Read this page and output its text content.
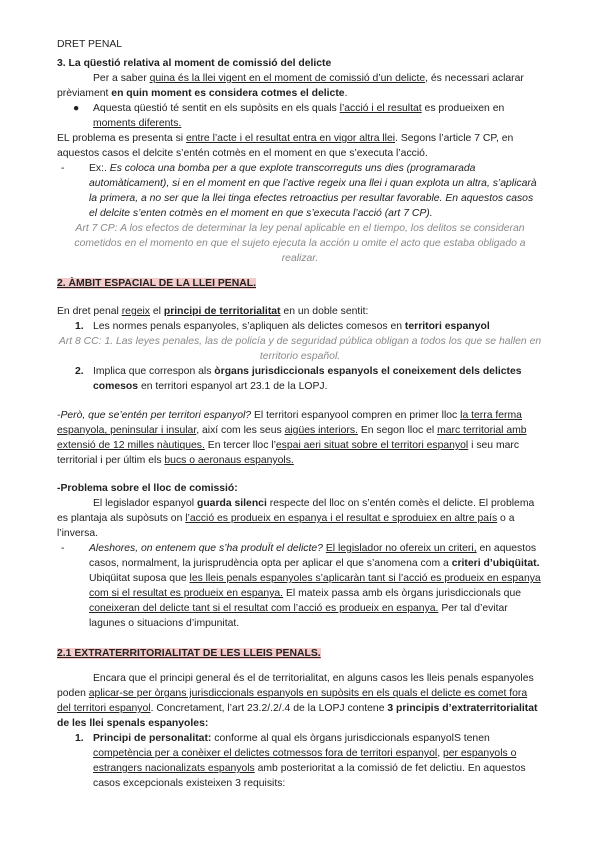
DRET PENAL

3. La qüestió relativa al moment de comissió del delicte

Per a saber quina és la llei vigent en el moment de comissió d’un delicte, és necessari aclarar prèviament en quin moment es considera cotmes el delicte.

●	Aquesta qüestió té sentit en els supòsits en els quals l’acció i el resultat es produeixen en moments diferents.

EL problema es presenta si entre l’acte i el resultat entra en vigor altra llei. Segons l’article 7 CP, en aquestos casos el delcite s’entén cotmès en el moment en que s’executa l’acció.

-	Ex:. Es coloca una bomba per a que explote transcorreguts uns dies (programarada automàticament), si en el moment en que l’active regeix una llei i quan explota un altra, s’aplicarà la primera, a no ser que la llei tinga efectes retroactius per resultar favorable. En aquestos casos el delcite s’enten cotmès en el moment en que s’executa l’acció (art 7 CP).

Art 7 CP: A los efectos de determinar la ley penal aplicable en el tiempo, los delitos se consideran cometidos en el momento en que el sujeto ejecuta la acción u omite el acto que estaba obligado a realizar.

2. ÀMBIT ESPACIAL DE LA LLEI PENAL.

En dret penal regeix el principi de territorialitat en un doble sentit:

1. Les normes penals espanyoles, s’apliquen als delictes comesos en territori espanyol

Art 8 CC: 1. Las leyes penales, las de policía y de seguridad pública obligan a todos los que se hallen en territorio español.

2. Implica que correspon als òrgans jurisdiccionals espanyols el coneixement dels delictes comesos en territori espanyol art 23.1 de la LOPJ.

-Però, que se’entén per territori espanyol? El territori espanyool compren en primer lloc la terra ferma espanyola, peninsular i insular, així com les seus aigües interiors. En segon lloc el marc territorial amb extensió de 12 milles nàutiques. En tercer lloc l’espai aeri situat sobre el territori espanyol i seu marc territorial i per últim els bucs o aeronaus espanyols.

-Problema sobre el lloc de comissió:

El legislador espanyol guarda silenci respecte del lloc on s’entén comès el delicte. El problema es plantaja als supòsuts on l’acció es produeix en espanya i el resultat e sproduiex en altre país o a l’inversa.

-	Aleshores, on entenem que s’ha produÏt el delicte? El legislador no ofereix un criteri, en aquestos casos, normalment, la jurisprudència opta per aplicar el que s’anomena com a criteri d’ubiqüitat. Ubiqüitat suposa que les lleis penals espanyoles s’aplicaràn tant si l’acció es produeix en espanya com si el resultat es produeix en espanya. El mateix passa amb els òrgans jurisdiccionals que coneixeran del delicte tant si el resultat com l’acció es produeix en espanya. Per tal d’evitar lagunes o situacions d’impunitat.

2.1 EXTRATERRITORIALITAT DE LES LLEIS PENALS.

Encara que el principi general és el de territorialitat, en alguns casos les lleis penals espanyoles poden aplicar-se per òrgans jurisdiccionals espanyols en supòsits en els quals el delicte es comet fora del territori espanyol. Concretament, l’art 23.2/.2/.4 de la LOPJ contene 3 principis d’extraterritorialitat de les llei spenals espanyoles:

1. Principi de personalitat: conforme al qual els òrgans jurisdiccionals espanyolS tenen competència per a conèixer el delictes cotmessos fora de territori espanyol, per espanyols o estrangers nacionalizats espanyols amb posterioritat a la comissió de fet delictiu. En aquestos casos excepcionals existeixen 3 requisits:
